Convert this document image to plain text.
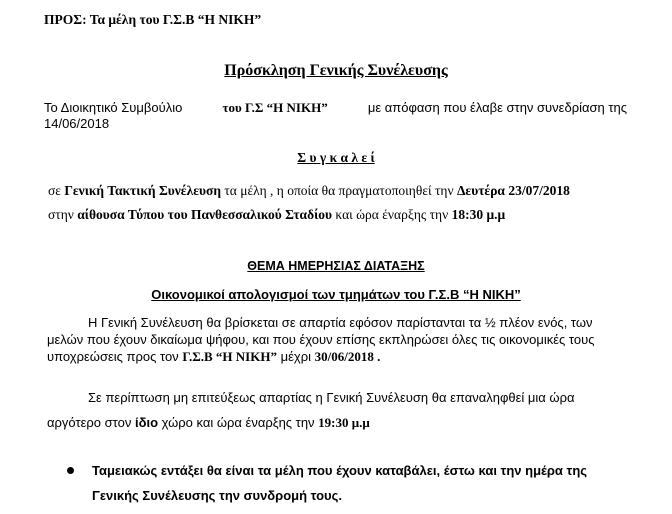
ΠΡΟΣ: Τα μέλη του Γ.Σ.Β “Η ΝΙΚΗ”
Πρόσκληση Γενικής Συνέλευσης
Το Διοικητικό Συμβούλιο	του Γ.Σ “Η ΝΙΚΗ”	με απόφαση που έλαβε στην συνεδρίαση της
14/06/2018
Σ υ γ κ α λ ε ί
σε Γενική Τακτική Συνέλευση τα μέλη , η οποία θα πραγματοποιηθεί την Δευτέρα 23/07/2018
στην αίθουσα Τύπου του Πανθεσσαλικού Σταδίου και ώρα έναρξης την 18:30 μ.μ
ΘΕΜΑ ΗΜΕΡΗΣΙΑΣ ΔΙΑΤΑΞΗΣ
Οικονομικοί απολογισμοί των τμημάτων του Γ.Σ.Β “Η ΝΙΚΗ”
Η Γενική Συνέλευση θα βρίσκεται σε απαρτία εφόσον παρίστανται τα ½ πλέον ενός, των
μελών που έχουν δικαίωμα ψήφου, και που έχουν επίσης εκπληρώσει όλες τις οικονομικές τους
υποχρεώσεις προς τον Γ.Σ.Β “Η ΝΙΚΗ” μέχρι 30/06/2018 .
Σε περίπτωση μη επιτεύξεως απαρτίας η Γενική Συνέλευση θα επαναληφθεί μια ώρα
αργότερο στον ίδιο χώρο και ώρα έναρξης την 19:30 μ.μ
Ταμειακώς εντάξει θα είναι τα μέλη που έχουν καταβάλει, έστω και την ημέρα της
Γενικής Συνέλευσης την συνδρομή τους.
